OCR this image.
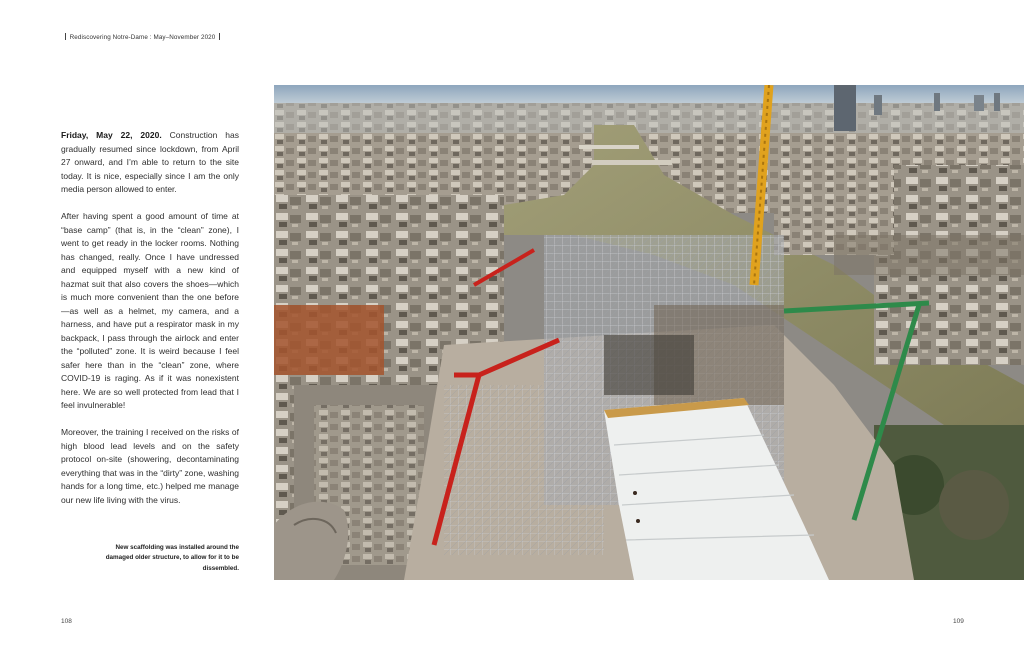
Rediscovering Notre-Dame : May–November 2020

Friday, May 22, 2020. Construction has gradually resumed since lockdown, from April 27 onward, and I’m able to return to the site today. It is nice, especially since I am the only media person allowed to enter.

After having spent a good amount of time at “base camp” (that is, in the “clean” zone), I went to get ready in the locker rooms. Nothing has changed, really. Once I have undressed and equipped myself with a new kind of hazmat suit that also covers the shoes—which is much more convenient than the one before—as well as a helmet, my camera, and a harness, and have put a respirator mask in my backpack, I pass through the airlock and enter the “polluted” zone. It is weird because I feel safer here than in the “clean” zone, where COVID-19 is raging. As if it was nonexistent here. We are so well protected from lead that I feel invulnerable!

Moreover, the training I received on the risks of high blood lead levels and on the safety protocol on-site (showering, decontaminating everything that was in the “dirty” zone, washing hands for a long time, etc.) helped me manage our new life living with the virus.

New scaffolding was installed around the damaged older structure, to allow for it to be dissembled.
108	109
